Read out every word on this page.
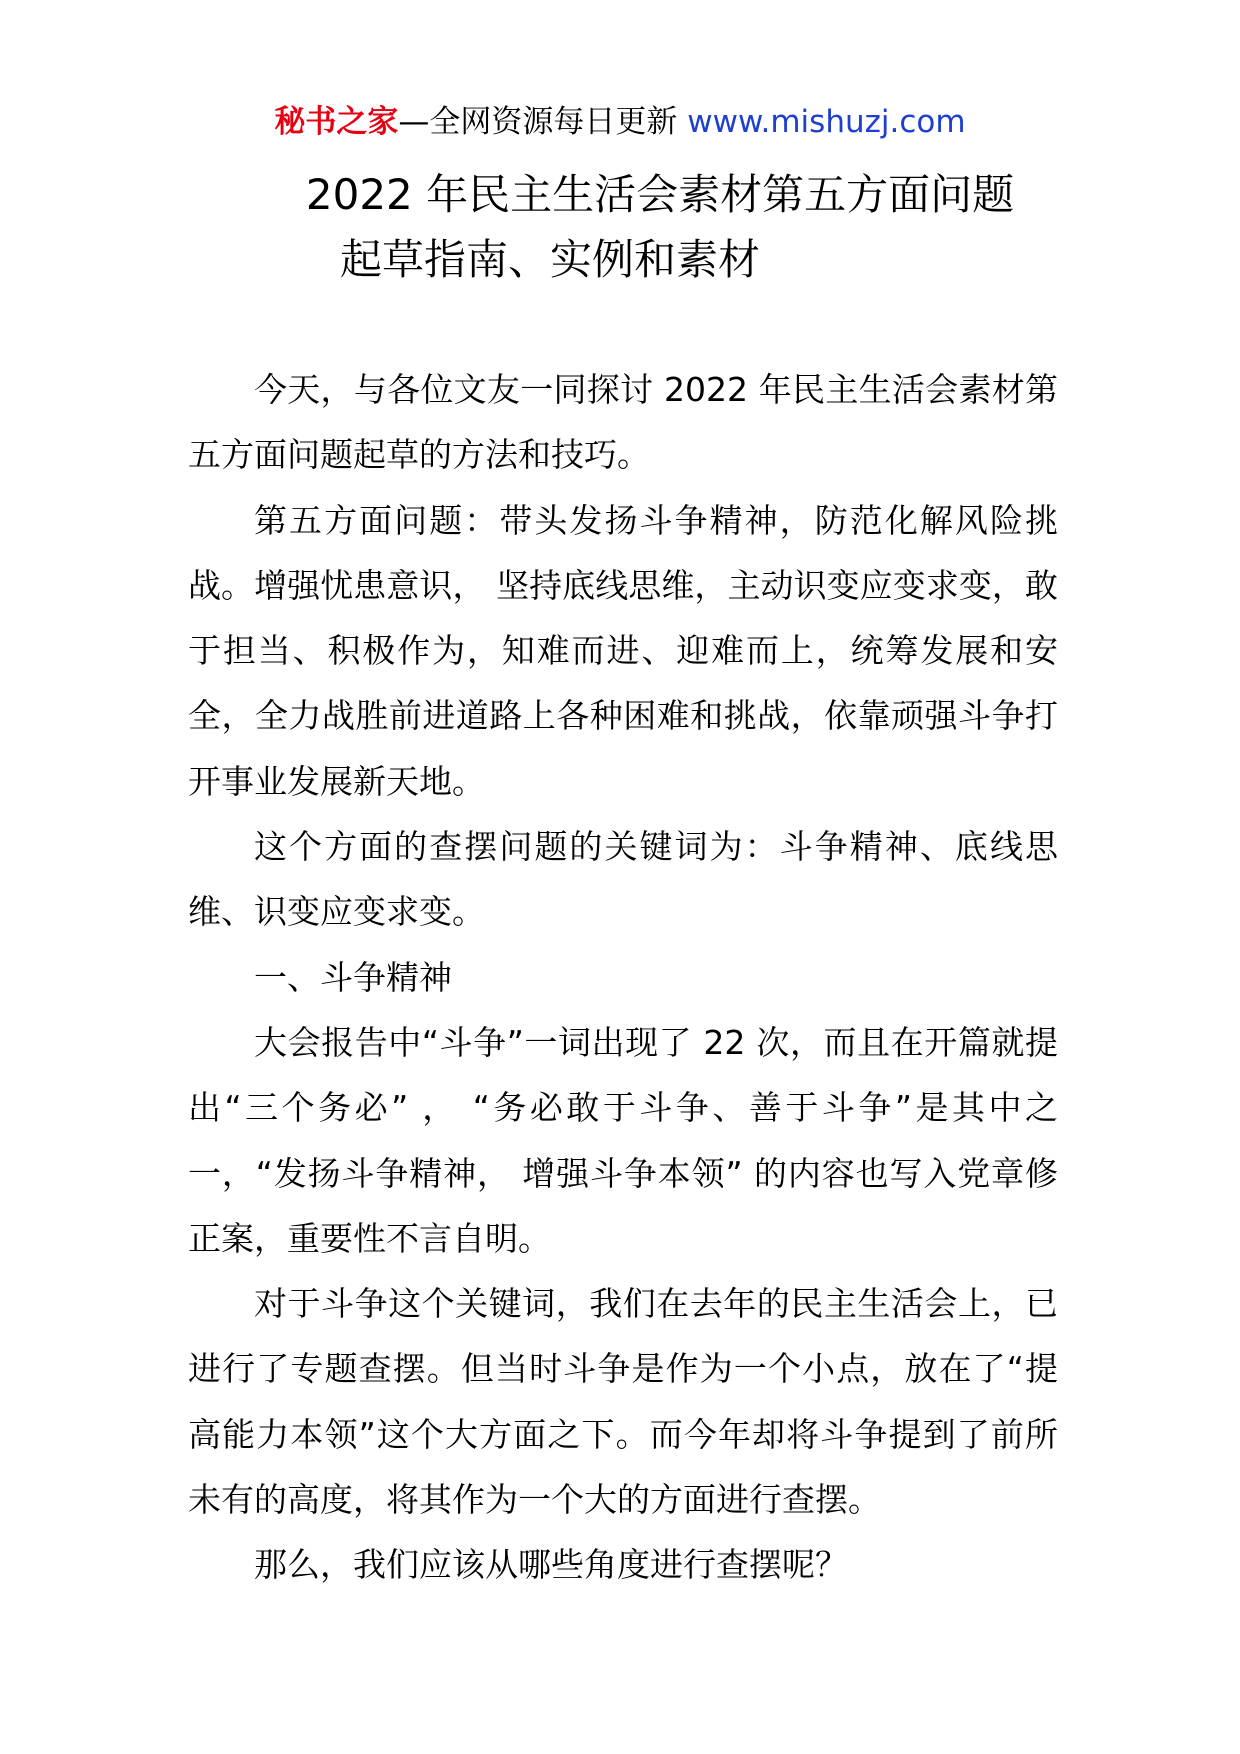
秘书之家—全网资源每日更新 www.mishuzj.com
2022 年民主生活会素材第五方面问题
起草指南、实例和素材

今天，与各位文友一同探讨 2022 年民主生活会素材第五方面问题起草的方法和技巧。

第五方面问题：带头发扬斗争精神，防范化解风险挑战。增强忧患意识， 坚持底线思维，主动识变应变求变，敢于担当、积极作为，知难而进、迎难而上，统筹发展和安全，全力战胜前进道路上各种困难和挑战，依靠顽强斗争打开事业发展新天地。

这个方面的查摆问题的关键词为：斗争精神、底线思维、识变应变求变。

一、斗争精神

大会报告中“斗争”一词出现了 22 次，而且在开篇就提出“三个务必” ， “务必敢于斗争、善于斗争”是其中之一，“发扬斗争精神， 增强斗争本领” 的内容也写入党章修正案，重要性不言自明。

对于斗争这个关键词，我们在去年的民主生活会上，已进行了专题查摆。但当时斗争是作为一个小点，放在了“提高能力本领”这个大方面之下。而今年却将斗争提到了前所未有的高度，将其作为一个大的方面进行查摆。

那么，我们应该从哪些角度进行查摆呢？
